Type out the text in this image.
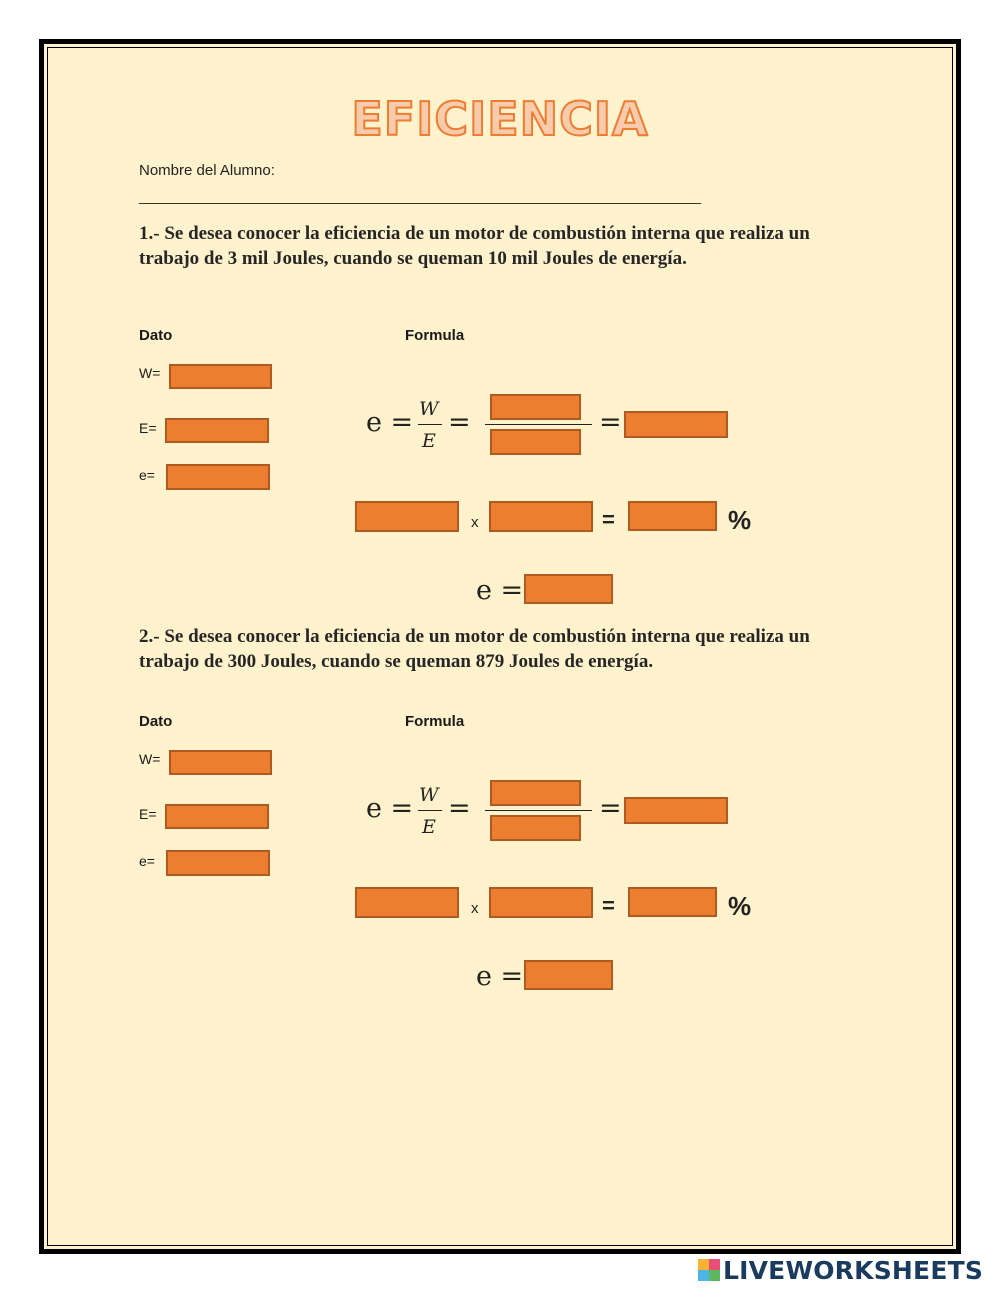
EFICIENCIA
Nombre del Alumno:
1.- Se desea conocer la eficiencia de un motor de combustión interna que realiza un trabajo de 3 mil Joules, cuando se queman 10 mil Joules de energía.
Dato	Formula
W=
E=
e=
e = W
E
=	=
x	=	%
e =
2.- Se desea conocer la eficiencia de un motor de combustión interna que realiza un trabajo de 300 Joules, cuando se queman 879 Joules de energía.
Dato	Formula
W=
E=
e=
e = W
E
=	=
x	=	%
e =
LIVEWORKSHEETS
